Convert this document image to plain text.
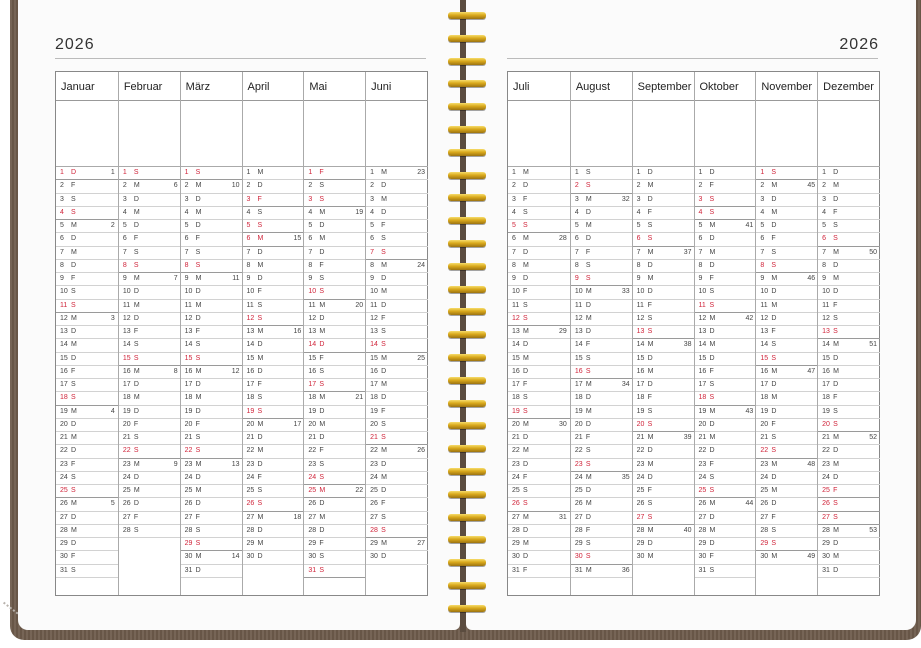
2026	2026
Januar
1 D	1
2 F
3 S
4 S
5 M	2
6 D
7 M
8 D
9 F
10 S
11 S
12 M	3
13 D
14 M
15 D
16 F
17 S
18 S
19 M	4
20 D
21 M
22 D
23 F
24 S
25 S
26 M	5
27 D
28 M
29 D
30 F
31 S
Februar
1 S
2 M	6
3 D
4 M
5 D
6 F
7 S
8 S
9 M	7
10 D
11 M
12 D
13 F
14 S
15 S
16 M	8
17 D
18 M
19 D
20 F
21 S
22 S
23 M	9
24 D
25 M
26 D
27 F
28 S
März
1 S
2 M	10
3 D
4 M
5 D
6 F
7 S
8 S
9 M	11
10 D
11 M
12 D
13 F
14 S
15 S
16 M	12
17 D
18 M
19 D
20 F
21 S
22 S
23 M	13
24 D
25 M
26 D
27 F
28 S
29 S
30 M	14
31 D
April
1 M
2 D
3 F
4 S
5 S
6 M	15
7 D
8 M
9 D
10 F
11 S
12 S
13 M	16
14 D
15 M
16 D
17 F
18 S
19 S
20 M	17
21 D
22 M
23 D
24 F
25 S
26 S
27 M	18
28 D
29 M
30 D
Mai
1 F
2 S
3 S
4 M	19
5 D
6 M
7 D
8 F
9 S
10 S
11 M	20
12 D
13 M
14 D
15 F
16 S
17 S
18 M	21
19 D
20 M
21 D
22 F
23 S
24 S
25 M	22
26 D
27 M
28 D
29 F
30 S
31 S
Juni
1 M	23
2 D
3 M
4 D
5 F
6 S
7 S
8 M	24
9 D
10 M
11 D
12 F
13 S
14 S
15 M	25
16 D
17 M
18 D
19 F
20 S
21 S
22 M	26
23 D
24 M
25 D
26 F
27 S
28 S
29 M	27
30 D
Juli
1 M
2 D
3 F
4 S
5 S
6 M	28
7 D
8 M
9 D
10 F
11 S
12 S
13 M	29
14 D
15 M
16 D
17 F
18 S
19 S
20 M	30
21 D
22 M
23 D
24 F
25 S
26 S
27 M	31
28 D
29 M
30 D
31 F
August
1 S
2 S
3 M	32
4 D
5 M
6 D
7 F
8 S
9 S
10 M	33
11 D
12 M
13 D
14 F
15 S
16 S
17 M	34
18 D
19 M
20 D
21 F
22 S
23 S
24 M	35
25 D
26 M
27 D
28 F
29 S
30 S
31 M	36
September
1 D
2 M
3 D
4 F
5 S
6 S
7 M	37
8 D
9 M
10 D
11 F
12 S
13 S
14 M	38
15 D
16 M
17 D
18 F
19 S
20 S
21 M	39
22 D
23 M
24 D
25 F
26 S
27 S
28 M	40
29 D
30 M
Oktober
1 D
2 F
3 S
4 S
5 M	41
6 D
7 M
8 D
9 F
10 S
11 S
12 M	42
13 D
14 M
15 D
16 F
17 S
18 S
19 M	43
20 D
21 M
22 D
23 F
24 S
25 S
26 M	44
27 D
28 M
29 D
30 F
31 S
November
1 S
2 M	45
3 D
4 M
5 D
6 F
7 S
8 S
9 M	46
10 D
11 M
12 D
13 F
14 S
15 S
16 M	47
17 D
18 M
19 D
20 F
21 S
22 S
23 M	48
24 D
25 M
26 D
27 F
28 S
29 S
30 M	49
Dezember
1 D
2 M
3 D
4 F
5 S
6 S
7 M	50
8 D
9 M
10 D
11 F
12 S
13 S
14 M	51
15 D
16 M
17 D
18 F
19 S
20 S
21 M	52
22 D
23 M
24 D
25 F
26 S
27 S
28 M	53
29 D
30 M
31 D
